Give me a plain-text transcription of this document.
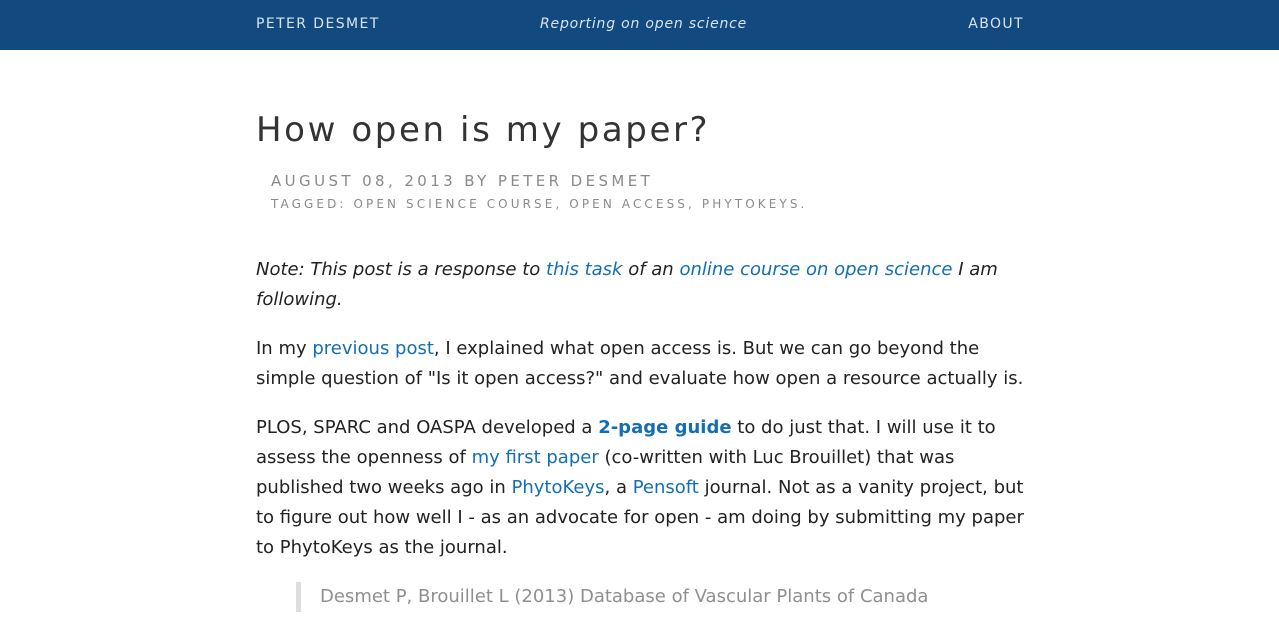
PETER DESMET	Reporting on open science	ABOUT
How open is my paper?
AUGUST 08, 2013 BY PETER DESMET
TAGGED: OPEN SCIENCE COURSE, OPEN ACCESS, PHYTOKEYS.

Note: This post is a response to this task of an online course on open science I am following.

In my previous post, I explained what open access is. But we can go beyond the simple question of "Is it open access?" and evaluate how open a resource actually is.

PLOS, SPARC and OASPA developed a 2-page guide to do just that. I will use it to assess the openness of my first paper (co-written with Luc Brouillet) that was published two weeks ago in PhytoKeys, a Pensoft journal. Not as a vanity project, but to figure out how well I - as an advocate for open - am doing by submitting my paper to PhytoKeys as the journal.

Desmet P, Brouillet L (2013) Database of Vascular Plants of Canada
